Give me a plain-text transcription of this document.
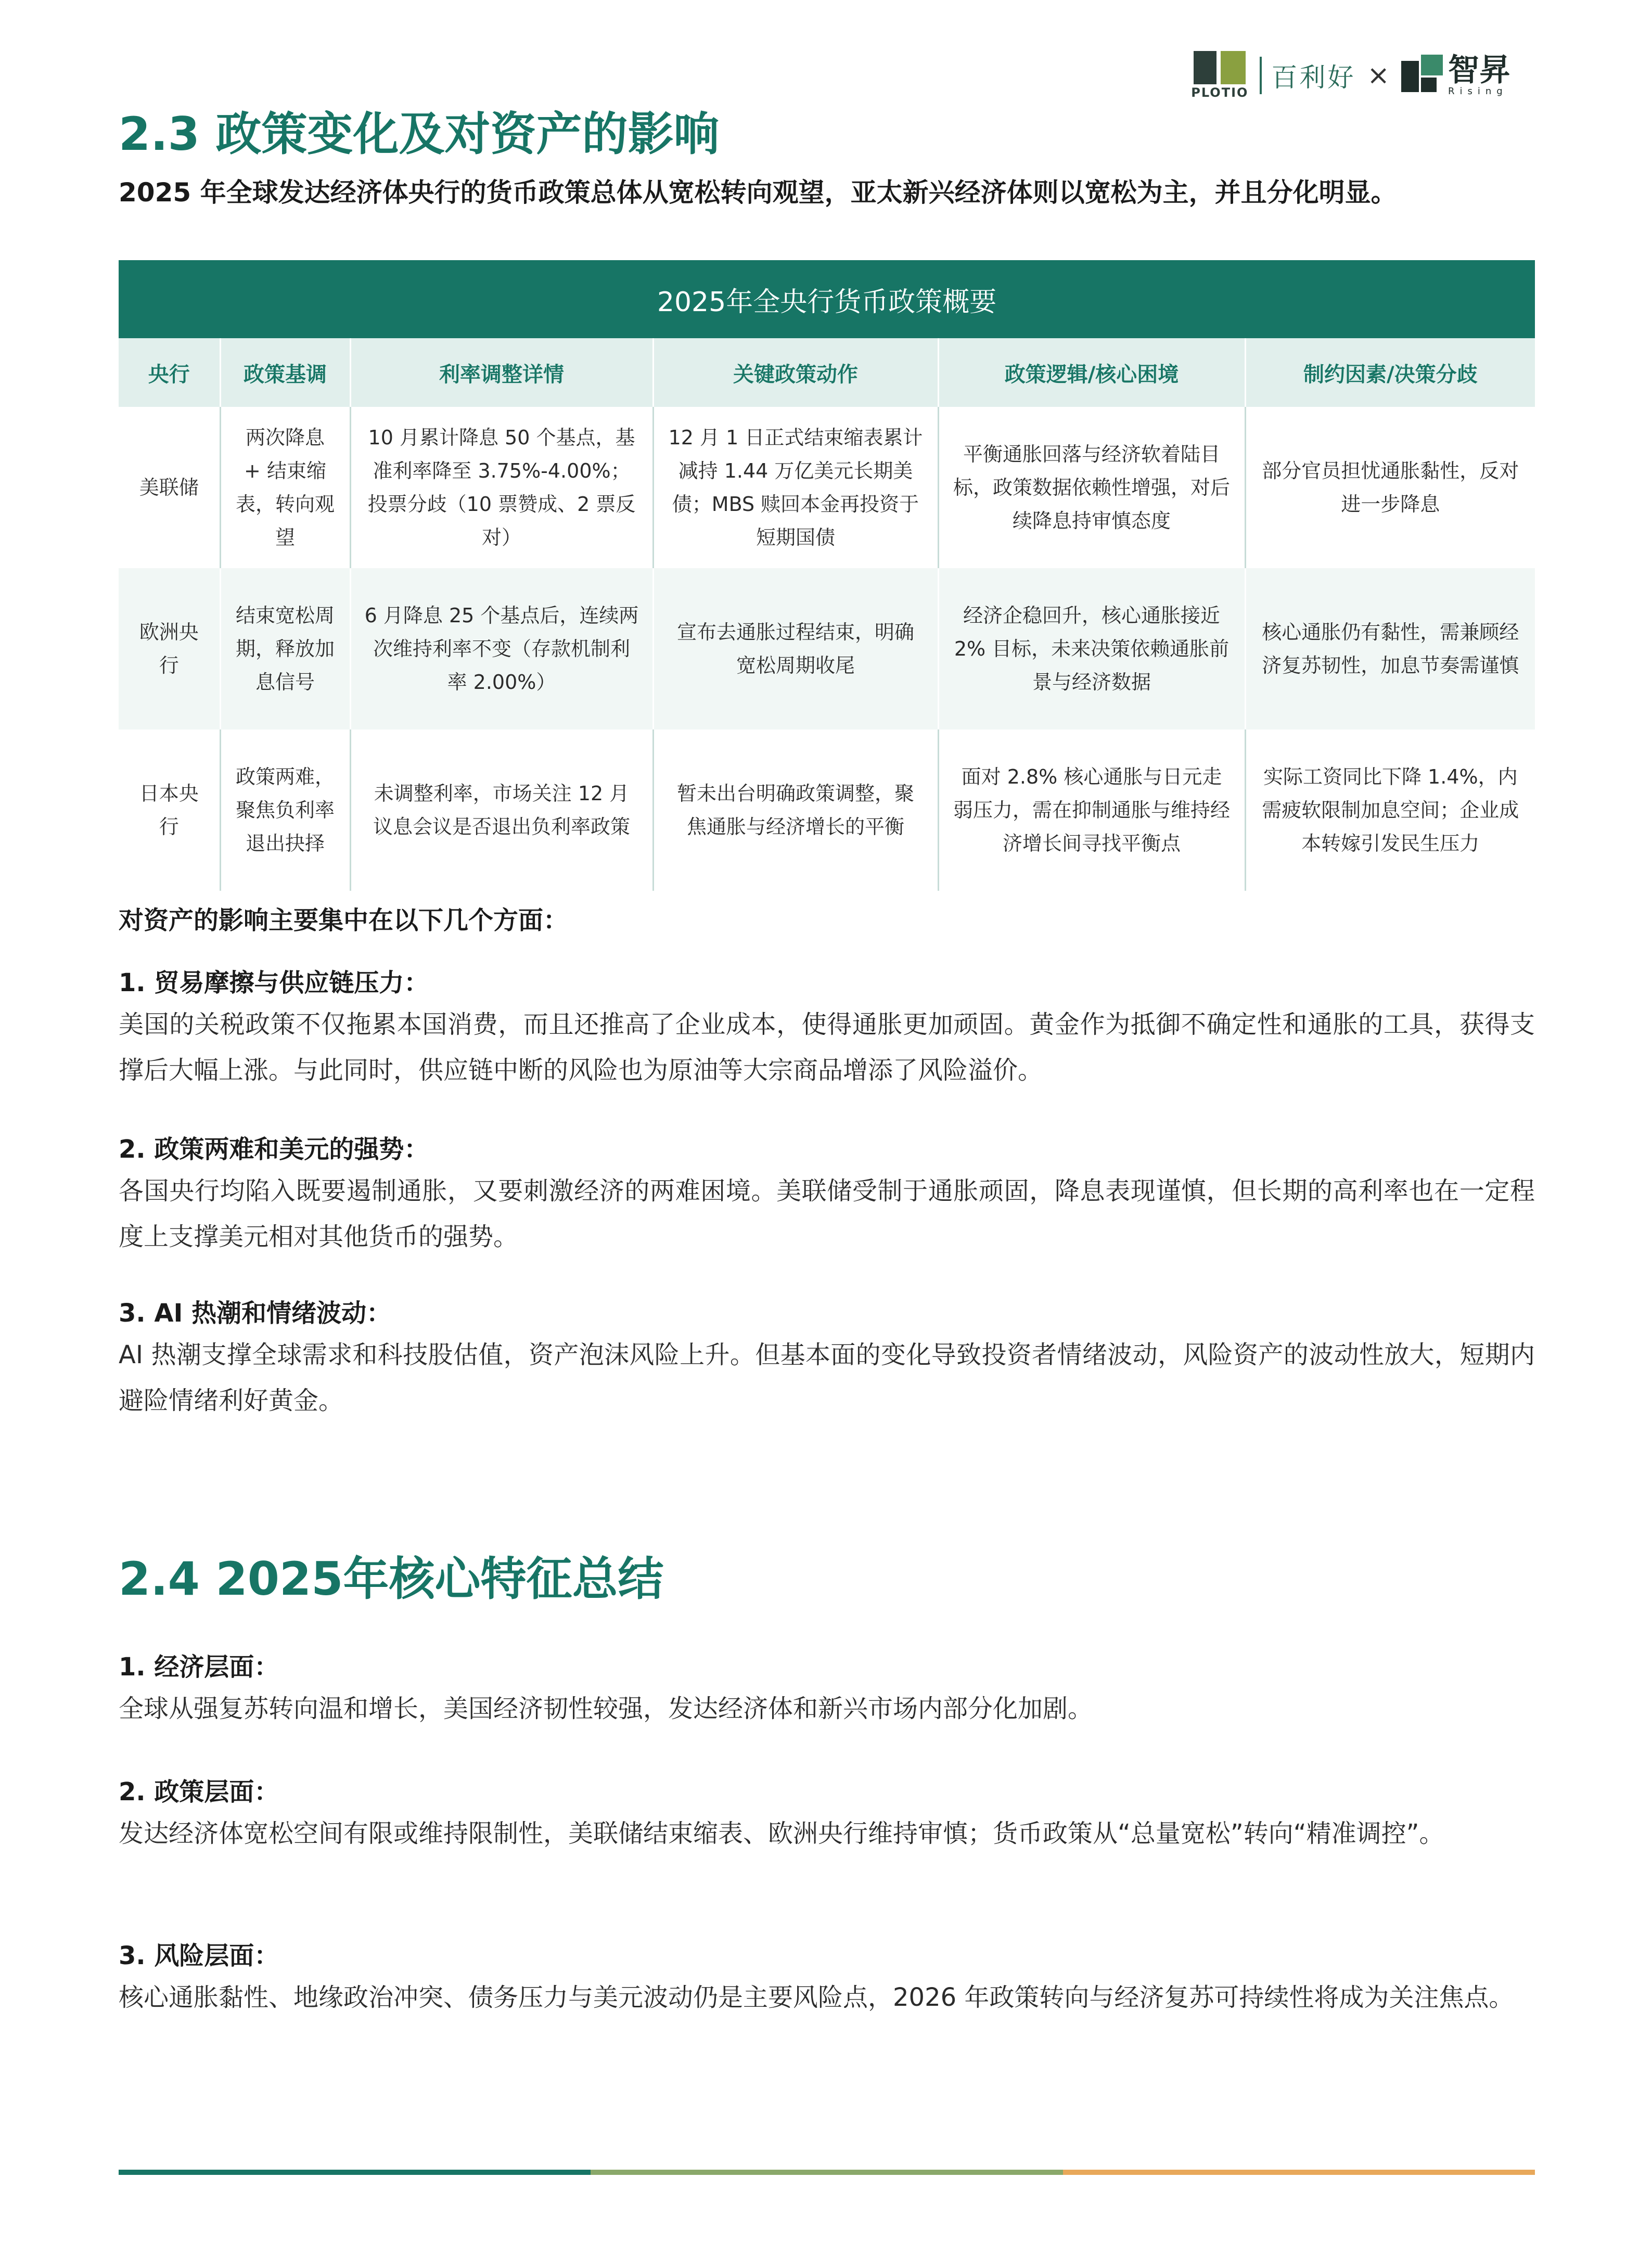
PLOTIO 百利好 × 智昇
Rising
2.3 政策变化及对资产的影响
2025 年全球发达经济体央行的货币政策总体从宽松转向观望，亚太新兴经济体则以宽松为主，并且分化明显。
2025年全央行货币政策概要					
央行	政策基调	利率调整详情	关键政策动作	政策逻辑/核心困境	制约因素/决策分歧
美联储	两次降息 + 结束缩表，转向观望	10 月累计降息 50 个基点，基准利率降至 3.75%-4.00%；投票分歧（10 票赞成、2 票反对）	12 月 1 日正式结束缩表累计减持 1.44 万亿美元长期美债；MBS 赎回本金再投资于短期国债	平衡通胀回落与经济软着陆目标，政策数据依赖性增强，对后续降息持审慎态度	部分官员担忧通胀黏性，反对进一步降息
欧洲央行	结束宽松周期，释放加息信号	6 月降息 25 个基点后，连续两次维持利率不变（存款机制利率 2.00%）	宣布去通胀过程结束，明确宽松周期收尾	经济企稳回升，核心通胀接近 2% 目标，未来决策依赖通胀前景与经济数据	核心通胀仍有黏性，需兼顾经济复苏韧性，加息节奏需谨慎
日本央行	政策两难，聚焦负利率退出抉择	未调整利率，市场关注 12 月议息会议是否退出负利率政策	暂未出台明确政策调整，聚焦通胀与经济增长的平衡	面对 2.8% 核心通胀与日元走弱压力，需在抑制通胀与维持经济增长间寻找平衡点	实际工资同比下降 1.4%，内需疲软限制加息空间；企业成本转嫁引发民生压力
对资产的影响主要集中在以下几个方面：
1. 贸易摩擦与供应链压力：
美国的关税政策不仅拖累本国消费，而且还推高了企业成本，使得通胀更加顽固。黄金作为抵御不确定性和通胀的工具，获得支撑后大幅上涨。与此同时，供应链中断的风险也为原油等大宗商品增添了风险溢价。
2. 政策两难和美元的强势：
各国央行均陷入既要遏制通胀，又要刺激经济的两难困境。美联储受制于通胀顽固，降息表现谨慎，但长期的高利率也在一定程度上支撑美元相对其他货币的强势。
3. AI 热潮和情绪波动：
AI 热潮支撑全球需求和科技股估值，资产泡沫风险上升。但基本面的变化导致投资者情绪波动，风险资产的波动性放大，短期内避险情绪利好黄金。
2.4 2025年核心特征总结
1. 经济层面：
全球从强复苏转向温和增长，美国经济韧性较强，发达经济体和新兴市场内部分化加剧。
2. 政策层面：
发达经济体宽松空间有限或维持限制性，美联储结束缩表、欧洲央行维持审慎；货币政策从“总量宽松”转向“精准调控”。
3. 风险层面：
核心通胀黏性、地缘政治冲突、债务压力与美元波动仍是主要风险点，2026 年政策转向与经济复苏可持续性将成为关注焦点。
